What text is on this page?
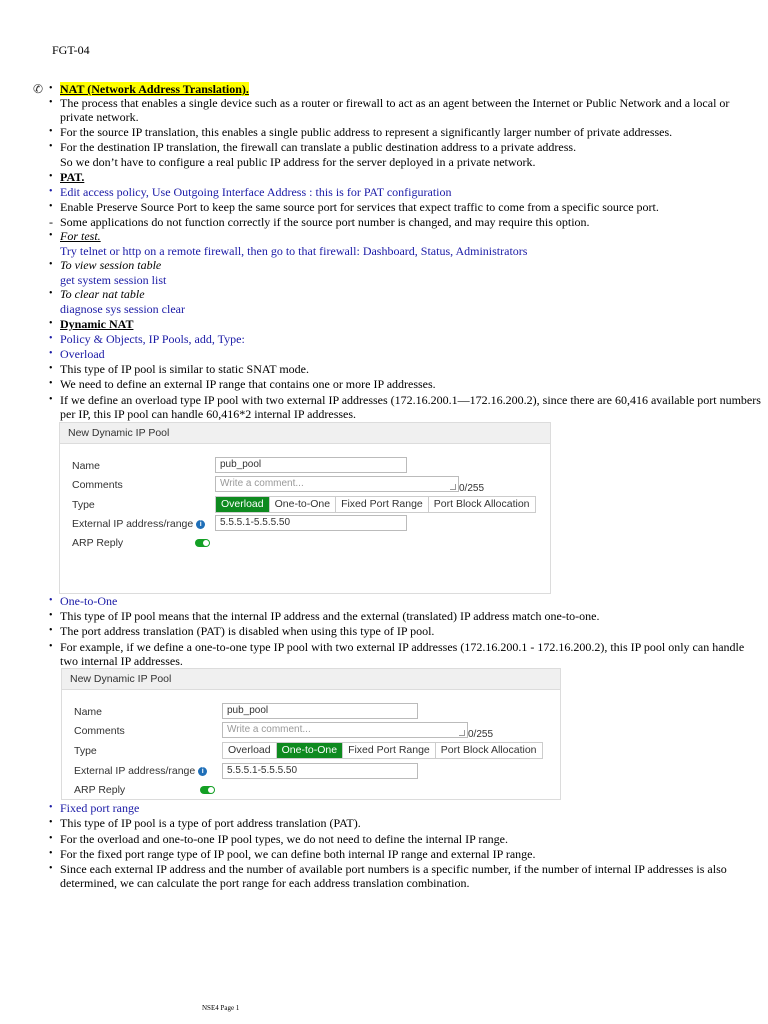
FGT-04
✆ •
•
•
•
•
•
•
-
•
•
•
•
•
•
•
•
•
•
•
•
•
•
•
•
•
•
NAT (Network Address Translation).
The process that enables a single device such as a router or firewall to act as an agent between the Internet or Public Network and a local or private network.
For the source IP translation, this enables a single public address to represent a significantly larger number of private addresses.
For the destination IP translation, the firewall can translate a public destination address to a private address.
So we don’t have to configure a real public IP address for the server deployed in a private network.
PAT.
Edit access policy, Use Outgoing Interface Address : this is for PAT configuration
Enable Preserve Source Port to keep the same source port for services that expect traffic to come from a specific source port.
Some applications do not function correctly if the source port number is changed, and may require this option.
For test.
Try telnet or http on a remote firewall, then go to that firewall: Dashboard, Status, Administrators
To view session table
get system session list
To clear nat table
diagnose sys session clear
Dynamic NAT
Policy & Objects, IP Pools, add, Type:
Overload
This type of IP pool is similar to static SNAT mode.
We need to define an external IP range that contains one or more IP addresses.
If we define an overload type IP pool with two external IP addresses (172.16.200.1—172.16.200.2), since there are 60,416 available port numbers per IP, this IP pool can handle 60,416*2 internal IP addresses.
New Dynamic IP Pool
Name	pub_pool
Comments	Write a comment...	0/255
Type	Overload	One-to-One	Fixed Port Range	Port Block Allocation
External IP address/range i	5.5.5.1-5.5.5.50
ARP Reply
One-to-One
This type of IP pool means that the internal IP address and the external (translated) IP address match one-to-one.
The port address translation (PAT) is disabled when using this type of IP pool.
For example, if we define a one-to-one type IP pool with two external IP addresses (172.16.200.1 - 172.16.200.2), this IP pool only can handle two internal IP addresses.
New Dynamic IP Pool
Name	pub_pool
Comments	Write a comment...	0/255
Type	Overload	One-to-One	Fixed Port Range	Port Block Allocation
External IP address/range i	5.5.5.1-5.5.5.50
ARP Reply
Fixed port range
This type of IP pool is a type of port address translation (PAT).
For the overload and one-to-one IP pool types, we do not need to define the internal IP range.
For the fixed port range type of IP pool, we can define both internal IP range and external IP range.
Since each external IP address and the number of available port numbers is a specific number, if the number of internal IP addresses is also determined, we can calculate the port range for each address translation combination.
NSE4 Page 1
